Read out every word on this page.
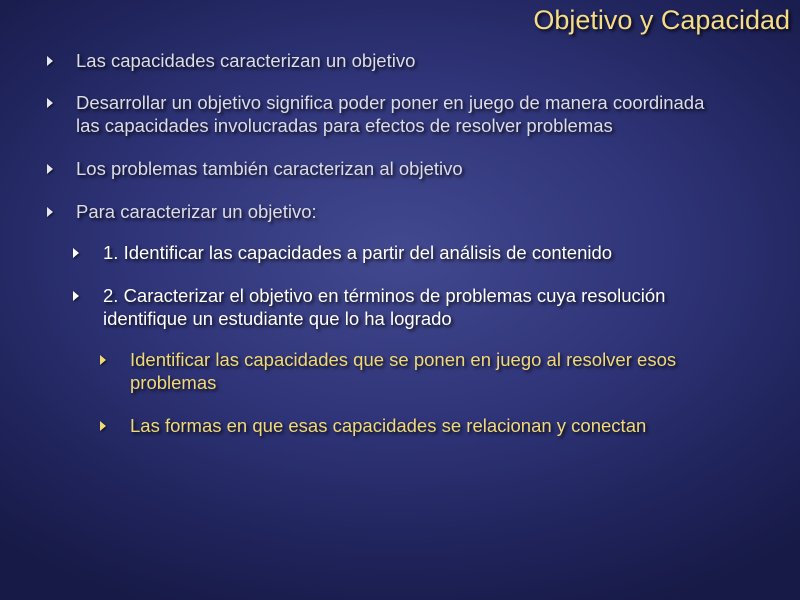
Objetivo y Capacidad
Las capacidades caracterizan un objetivo
Desarrollar un objetivo significa poder poner en juego de manera coordinada
las capacidades involucradas para efectos de resolver problemas
Los problemas también caracterizan al objetivo
Para caracterizar un objetivo:
1. Identificar las capacidades a partir del análisis de contenido
2. Caracterizar el objetivo en términos de problemas cuya resolución
identifique un estudiante que lo ha logrado
Identificar las capacidades que se ponen en juego al resolver esos
problemas
Las formas en que esas capacidades se relacionan y conectan
